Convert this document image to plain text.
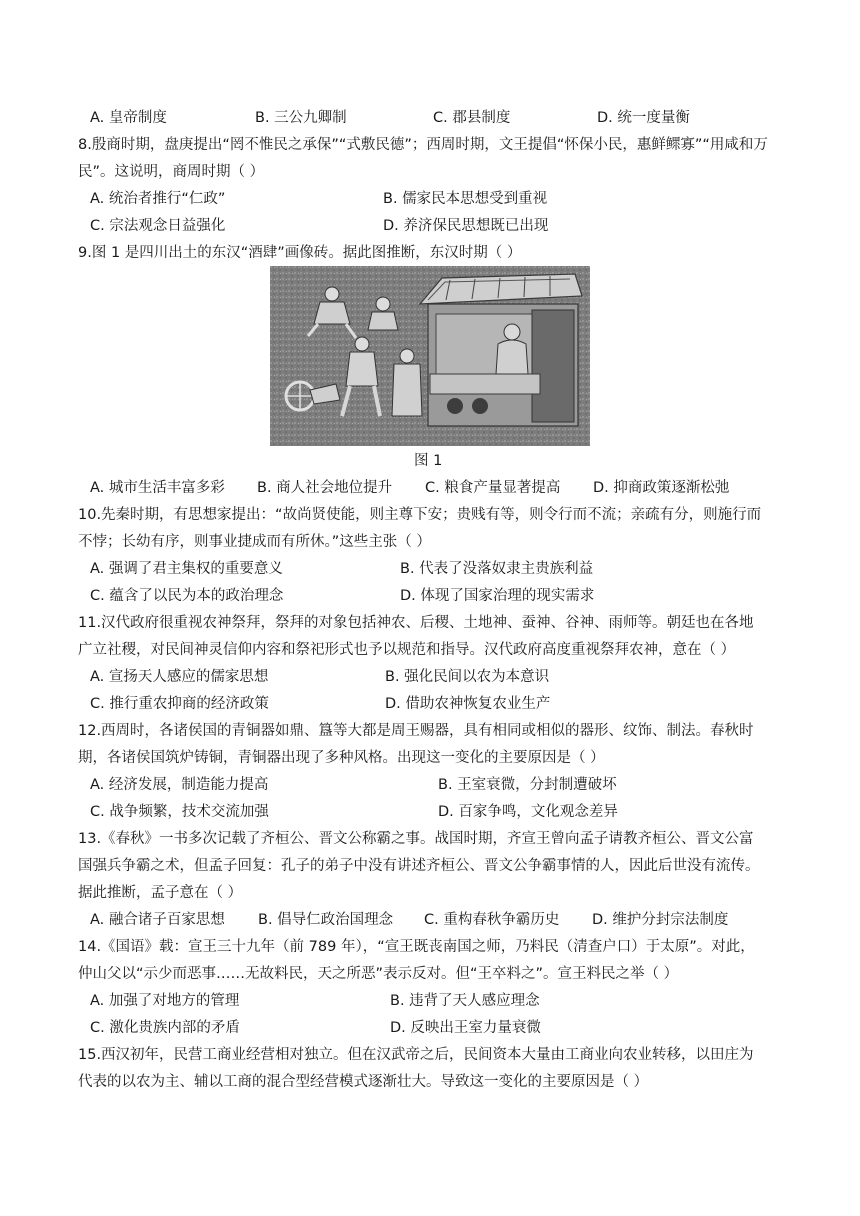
A. 皇帝制度	B. 三公九卿制	C. 郡县制度	D. 统一度量衡
8.殷商时期，盘庚提出“罔不惟民之承保”“式敷民德”；西周时期，文王提倡“怀保小民，惠鲜鳏寡”“用咸和万
民”。这说明，商周时期（ ）
A. 统治者推行“仁政”	B. 儒家民本思想受到重视
C. 宗法观念日益强化	D. 养济保民思想既已出现
9.图 1 是四川出土的东汉“酒肆”画像砖。据此图推断，东汉时期（ ）
图 1
A. 城市生活丰富多彩 B. 商人社会地位提升 C. 粮食产量显著提高 D. 抑商政策逐渐松弛
10.先秦时期，有思想家提出：“故尚贤使能，则主尊下安；贵贱有等，则令行而不流；亲疏有分，则施行而
不悖；长幼有序，则事业捷成而有所休。”这些主张（ ）
A. 强调了君主集权的重要意义	B. 代表了没落奴隶主贵族利益
C. 蕴含了以民为本的政治理念	D. 体现了国家治理的现实需求
11.汉代政府很重视农神祭拜，祭拜的对象包括神农、后稷、土地神、蚕神、谷神、雨师等。朝廷也在各地
广立社稷，对民间神灵信仰内容和祭祀形式也予以规范和指导。汉代政府高度重视祭拜农神，意在（ ）
A. 宣扬天人感应的儒家思想	B. 强化民间以农为本意识
C. 推行重农抑商的经济政策	D. 借助农神恢复农业生产
12.西周时，各诸侯国的青铜器如鼎、簋等大都是周王赐器，具有相同或相似的器形、纹饰、制法。春秋时
期，各诸侯国筑炉铸铜，青铜器出现了多种风格。出现这一变化的主要原因是（ ）
A. 经济发展，制造能力提高	B. 王室衰微，分封制遭破坏
C. 战争频繁，技术交流加强	D. 百家争鸣，文化观念差异
13.《春秋》一书多次记载了齐桓公、晋文公称霸之事。战国时期，齐宣王曾向孟子请教齐桓公、晋文公富
国强兵争霸之术，但孟子回复：孔子的弟子中没有讲述齐桓公、晋文公争霸事情的人，因此后世没有流传。
据此推断，孟子意在（ ）
A. 融合诸子百家思想 B. 倡导仁政治国理念 C. 重构春秋争霸历史 D. 维护分封宗法制度
14.《国语》载：宣王三十九年（前 789 年），“宣王既丧南国之师，乃料民（清查户口）于太原”。对此，
仲山父以“示少而恶事……无故料民，天之所恶”表示反对。但“王卒料之”。宣王料民之举（ ）
A. 加强了对地方的管理	B. 违背了天人感应理念
C. 激化贵族内部的矛盾	D. 反映出王室力量衰微
15.西汉初年，民营工商业经营相对独立。但在汉武帝之后，民间资本大量由工商业向农业转移，以田庄为
代表的以农为主、辅以工商的混合型经营模式逐渐壮大。导致这一变化的主要原因是（ ）
